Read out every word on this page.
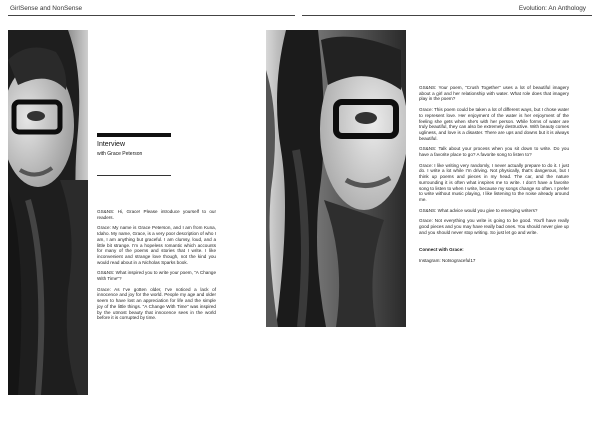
GirlSense and NonSense	Evolution: An Anthology
Interview
with Grace Peterson

GS&NS: Hi, Grace! Please introduce yourself to our readers.

Grace: My name is Grace Peterson, and I am from Kuna, Idaho. My name, Grace, is a very poor description of who I am, I am anything but graceful. I am clumsy, loud, and a little bit strange. I'm a hopeless romantic which accounts for many of the poems and stories that I write. I like inconvenient and strange love though, not the kind you would read about in a Nicholas Sparks book.

GS&NS: What inspired you to write your poem, "A Change With Time"?

Grace: As I've gotten older, I've noticed a lack of innocence and joy for the world. People my age and older seem to have lost an appreciation for life and the simple joy of the little things. "A Change With Time" was inspired by the utmost beauty that innocence sees in the world before it is corrupted by time.

GS&NS: Your poem, "Crush Together" uses a lot of beautiful imagery about a girl and her relationship with water. What role does that imagery play in the poem?

Grace: This poem could be taken a lot of different ways, but I chose water to represent love. Her enjoyment of the water is her enjoyment of the feeling she gets when she's with her person. While forms of water are truly beautiful, they can also be extremely destructive. With beauty comes ugliness, and love is a disaster. There are ups and downs but it is always beautiful.

GS&NS: Talk about your process when you sit down to write. Do you have a favorite place to go? A favorite song to listen to?

Grace: I like writing very randomly, I never actually prepare to do it. I just do. I write a lot while I'm driving. Not physically, that's dangerous, but I think up poems and pieces in my head. The car, and the nature surrounding it is often what inspires me to write. I don't have a favorite song to listen to when I write, because my songs change so often. I prefer to write without music playing, I like listening to the noise already around me.

GS&NS: What advice would you give to emerging writers?

Grace: Not everything you write is going to be good. You'll have really good pieces and you may have really bad ones. You should never give up and you should never stop writing. So just let go and write.

Connect with Grace:

Instagram: Notsograceful17
